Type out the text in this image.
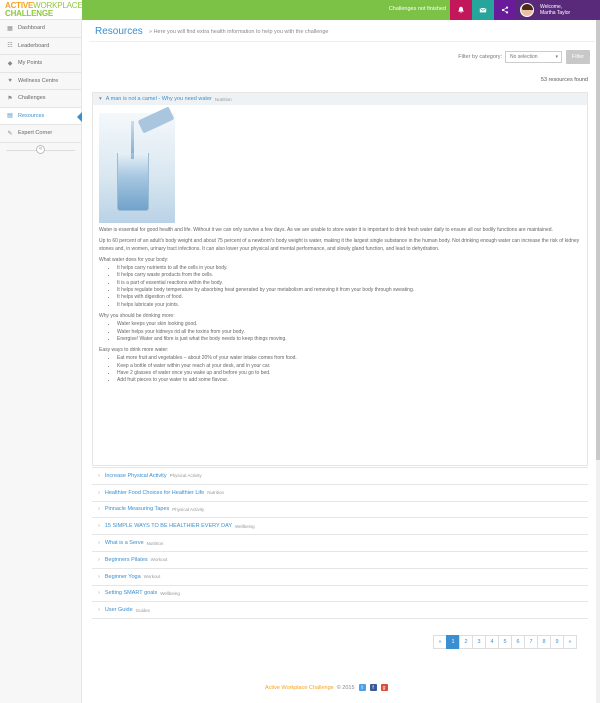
ACTIVEWORKPLACE
CHALLENGE	Challenges not finished	Welcome,
Martha Taylor
▦ Dashboard
☷ Leaderboard
◆	My Points
♥	Wellness Centre
⚑ Challenges
▤ Resources
✎ Expert Corner
«
Resources » Here you will find extra health information to help you with the challenge
Filter by category: No selection	▾	Filter
53 resources found
▾ A man is not a camel - Why you need water Nutrition

Water is essential for good health and life. Without it we can only survive a few days. As we are unable to store water it is important to drink fresh water daily to ensure all our bodily functions are maintained.

Up to 60 percent of an adult's body weight and about 75 percent of a newborn's body weight is water, making it the largest single substance in the human body. Not drinking enough water can increase the risk of kidney stones and, in women, urinary tract infections. It can also lower your physical and mental performance, and slowly gland function, and lead to dehydration.

What water does for your body:

• It helps carry nutrients to all the cells in your body.
• It helps carry waste products from the cells.
• It is a part of essential reactions within the body.
• It helps regulate body temperature by absorbing heat generated by your metabolism and removing it from your body through sweating.
• It helps with digestion of food.
• It helps lubricate your joints.

Why you should be drinking more:

• Water keeps your skin looking good.
• Water helps your kidneys rid all the toxins from your body.
• Energise! Water and fibre is just what the body needs to keep things moving.

Easy ways to drink more water:

• Eat more fruit and vegetables – about 20% of your water intake comes from food.
• Keep a bottle of water within your reach at your desk, and in your car.
• Have 2 glasses of water once you wake up and before you go to bed.
• Add fruit pieces to your water to add some flavour.
› Increase Physical Activity Physical Activity
› Healthier Food Choices for Healthier Life Nutrition
› Pinnacle Measuring Tapes Physical Activity
› 15 SIMPLE WAYS TO BE HEALTHIER EVERY DAY Wellbeing
› What is a Serve Nutrition
› Beginners Pilates Workout
› Beginner Yoga Workout
› Setting SMART goals Wellbeing
› User Guide Guides
«	1	2	3	4	5	6	7	8	9	»
Active Workplace Challenge © 2015	t	f	g
